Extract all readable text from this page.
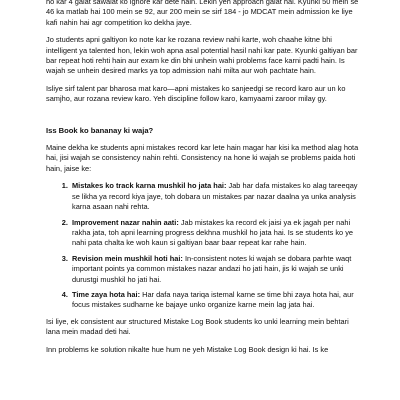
ho kar 4 galat sawalat ko ignore kar dete hain. Lekin yeh approach galat hai. Kyunki 50 mein se 46 ka matlab hai 100 mein se 92, aur 200 mein se sirf 184 - jo MDCAT mein admission ke liye kafi nahin hai agr competition ko dekha jaye.

Jo students apni galtiyon ko note kar ke rozana review nahi karte, woh chaahe kitne bhi intelligent ya talented hon, lekin woh apna asal potential hasil nahi kar pate. Kyunki galtiyan bar bar repeat hoti rehti hain aur exam ke din bhi unhein wahi problems face karni padti hain. Is wajah se unhein desired marks ya top admission nahi milta aur woh pachtate hain.

Isliye sirf talent par bharosa mat karo—apni mistakes ko sanjeedgi se record karo aur un ko samjho, aur rozana review karo. Yeh discipline follow karo, kamyaami zaroor milay gy.

Iss Book ko bananay ki waja?

Maine dekha ke students apni mistakes record kar lete hain magar har kisi ka method alag hota hai, jisi wajah se consistency nahin rehti. Consistency na hone ki wajah se problems paida hoti hain, jaise ke:

1. Mistakes ko track karna mushkil ho jata hai: Jab har dafa mistakes ko alag tareeqay se likha ya record kiya jaye, toh dobara un mistakes par nazar daalna ya unka analysis karna asaan nahi rehta.
2. Improvement nazar nahin aati: Jab mistakes ka record ek jaisi ya ek jagah per nahi rakha jata, toh apni learning progress dekhna mushkil ho jata hai. Is se students ko ye nahi pata chalta ke woh kaun si galtiyan baar baar repeat kar rahe hain.
3. Revision mein mushkil hoti hai: In-consistent notes ki wajah se dobara parhte waqt important points ya common mistakes nazar andazi ho jati hain, jis ki wajah se unki durustgi mushkil ho jati hai.
4. Time zaya hota hai: Har dafa naya tariqa istemal karne se time bhi zaya hota hai, aur focus mistakes sudharne ke bajaye unko organize karne mein lag jata hai.

Isi liye, ek consistent aur structured Mistake Log Book students ko unki learning mein behtari lana mein madad deti hai.

Inn problems ke solution nikalte hue hum ne yeh Mistake Log Book design ki hai. Is ke
